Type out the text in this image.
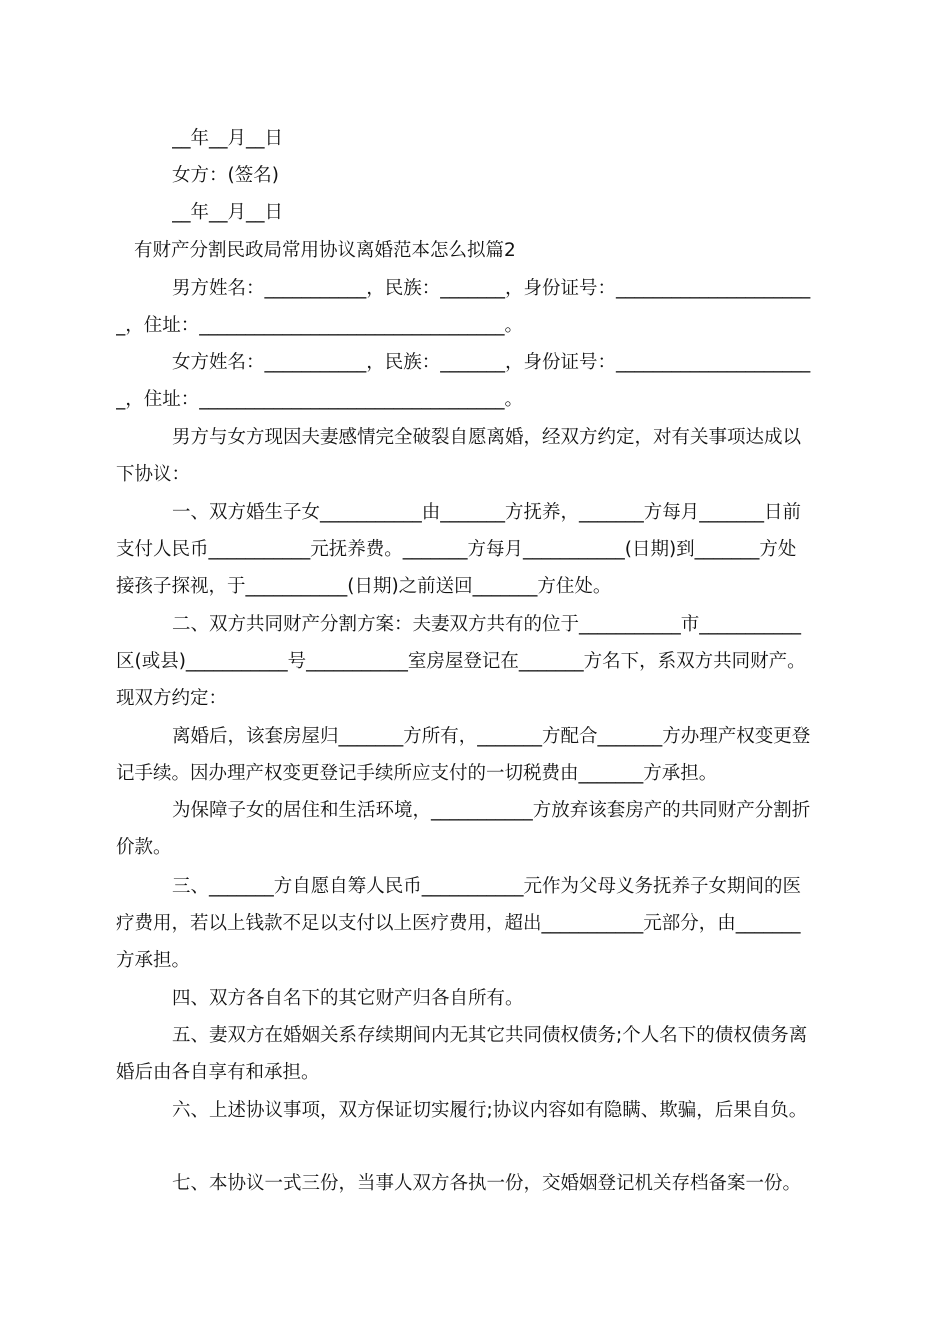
__年__月__日
女方：(签名)
__年__月__日
有财产分割民政局常用协议离婚范本怎么拟篇2
男方姓名：___________，民族：_______，身份证号：_____________________
_，住址：_________________________________。
女方姓名：___________，民族：_______，身份证号：_____________________
_，住址：_________________________________。
男方与女方现因夫妻感情完全破裂自愿离婚，经双方约定，对有关事项达成以
下协议：
一、双方婚生子女___________由_______方抚养，_______方每月_______日前
支付人民币___________元抚养费。_______方每月___________(日期)到_______方处
接孩子探视，于___________(日期)之前送回_______方住处。
二、双方共同财产分割方案：夫妻双方共有的位于___________市___________
区(或县)___________号___________室房屋登记在_______方名下，系双方共同财产。
现双方约定：
离婚后，该套房屋归_______方所有，_______方配合_______方办理产权变更登
记手续。因办理产权变更登记手续所应支付的一切税费由_______方承担。
为保障子女的居住和生活环境，___________方放弃该套房产的共同财产分割折
价款。
三、_______方自愿自筹人民币___________元作为父母义务抚养子女期间的医
疗费用，若以上钱款不足以支付以上医疗费用，超出___________元部分，由_______
方承担。
四、双方各自名下的其它财产归各自所有。
五、妻双方在婚姻关系存续期间内无其它共同债权债务;个人名下的债权债务离
婚后由各自享有和承担。
六、上述协议事项，双方保证切实履行;协议内容如有隐瞒、欺骗，后果自负。
七、本协议一式三份，当事人双方各执一份，交婚姻登记机关存档备案一份。
